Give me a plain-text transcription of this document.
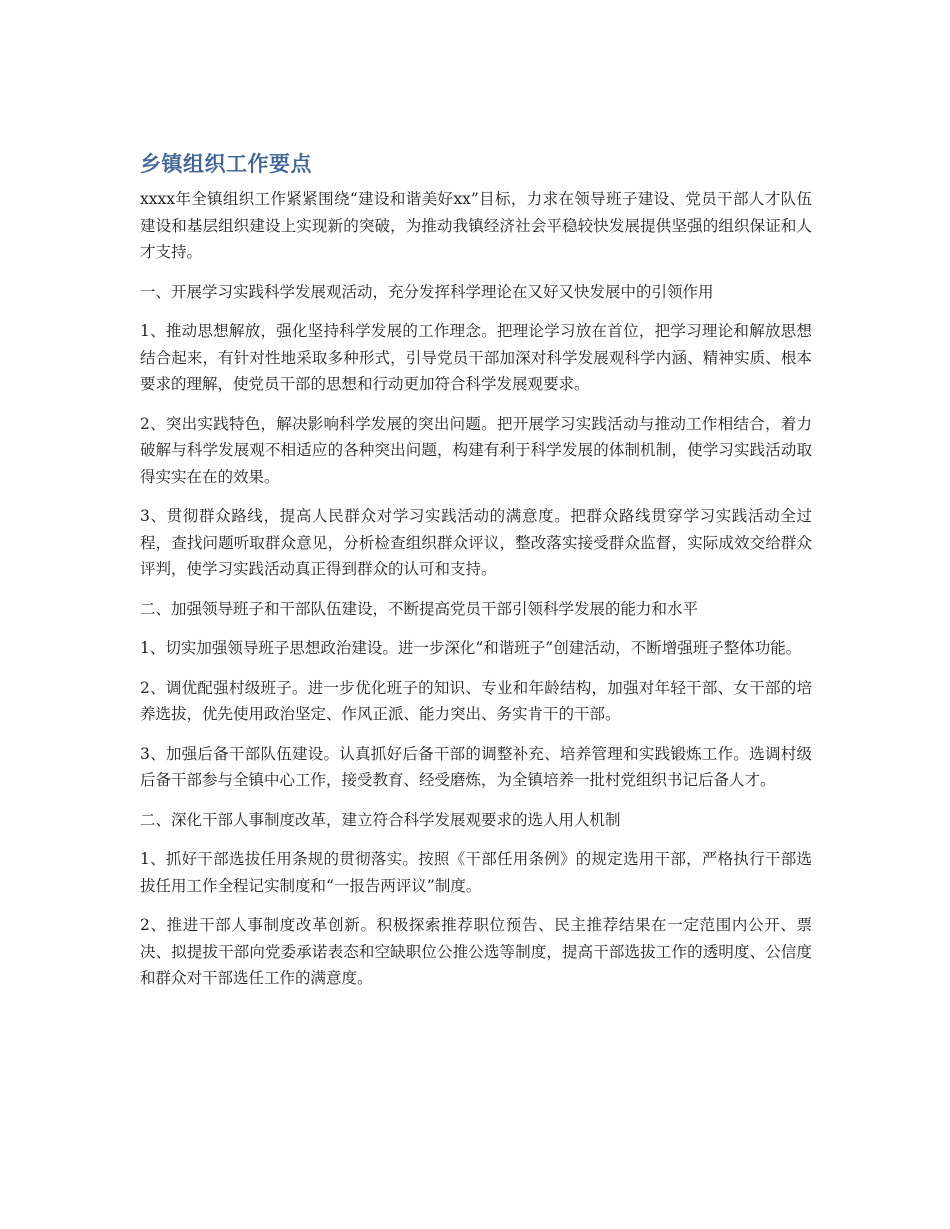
乡镇组织工作要点

xxxx年全镇组织工作紧紧围绕“建设和谐美好xx”目标，力求在领导班子建设、党员干部人才队伍建设和基层组织建设上实现新的突破，为推动我镇经济社会平稳较快发展提供坚强的组织保证和人才支持。

一、开展学习实践科学发展观活动，充分发挥科学理论在又好又快发展中的引领作用

1、推动思想解放，强化坚持科学发展的工作理念。把理论学习放在首位，把学习理论和解放思想结合起来，有针对性地采取多种形式，引导党员干部加深对科学发展观科学内涵、精神实质、根本要求的理解，使党员干部的思想和行动更加符合科学发展观要求。

2、突出实践特色，解决影响科学发展的突出问题。把开展学习实践活动与推动工作相结合，着力破解与科学发展观不相适应的各种突出问题，构建有利于科学发展的体制机制，使学习实践活动取得实实在在的效果。

3、贯彻群众路线，提高人民群众对学习实践活动的满意度。把群众路线贯穿学习实践活动全过程，查找问题听取群众意见，分析检查组织群众评议，整改落实接受群众监督，实际成效交给群众评判，使学习实践活动真正得到群众的认可和支持。

二、加强领导班子和干部队伍建设，不断提高党员干部引领科学发展的能力和水平

1、切实加强领导班子思想政治建设。进一步深化“和谐班子”创建活动，不断增强班子整体功能。

2、调优配强村级班子。进一步优化班子的知识、专业和年龄结构，加强对年轻干部、女干部的培养选拔，优先使用政治坚定、作风正派、能力突出、务实肯干的干部。

3、加强后备干部队伍建设。认真抓好后备干部的调整补充、培养管理和实践锻炼工作。选调村级后备干部参与全镇中心工作，接受教育、经受磨炼，为全镇培养一批村党组织书记后备人才。

二、深化干部人事制度改革，建立符合科学发展观要求的选人用人机制

1、抓好干部选拔任用条规的贯彻落实。按照《干部任用条例》的规定选用干部，严格执行干部选拔任用工作全程记实制度和“一报告两评议”制度。

2、推进干部人事制度改革创新。积极探索推荐职位预告、民主推荐结果在一定范围内公开、票决、拟提拔干部向党委承诺表态和空缺职位公推公选等制度，提高干部选拔工作的透明度、公信度和群众对干部选任工作的满意度。
